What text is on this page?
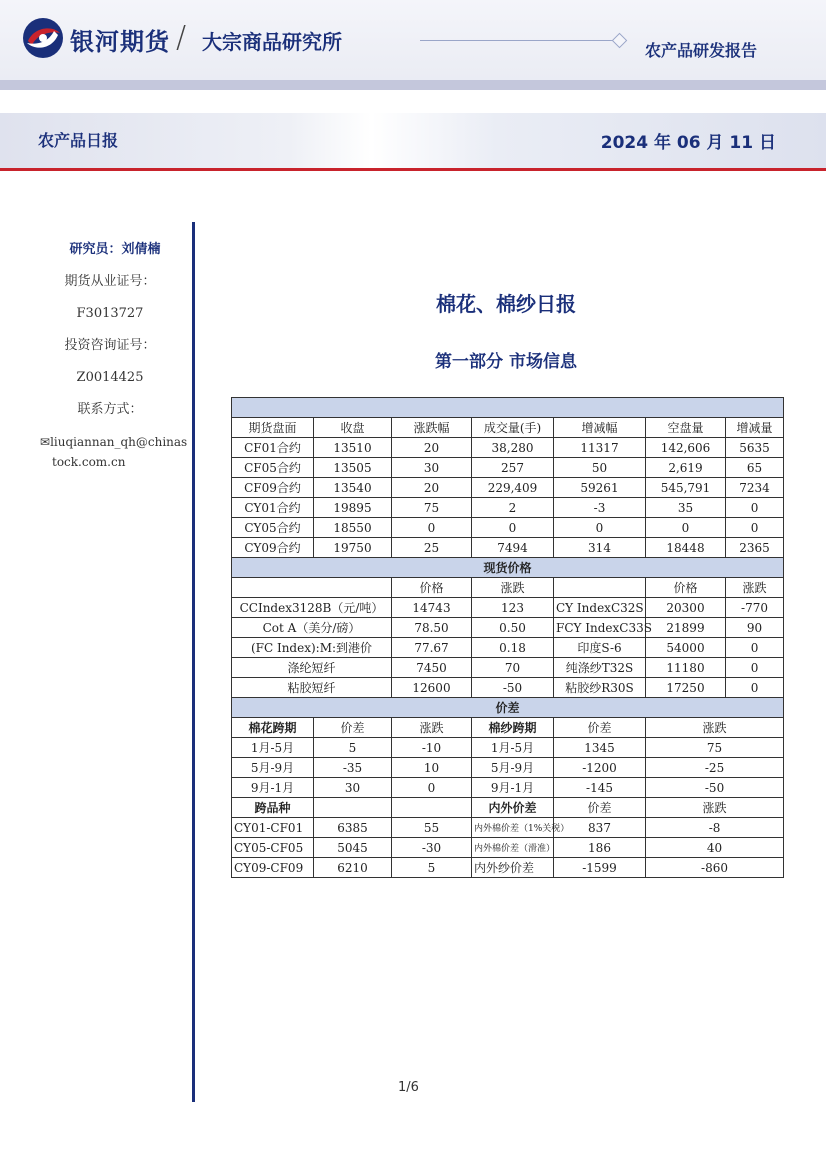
银河期货 / 大宗商品研究所	农产品研发报告
农产品日报	2024 年 06 月 11 日
研究员：刘倩楠
期货从业证号：
F3013727
投资咨询证号：
Z0014425
联系方式：
✉liuqiannan_qh@chinas
tock.com.cn
棉花、棉纱日报
第一部分 市场信息

期货盘面	收盘	涨跌幅	成交量(手)	增减幅	空盘量	增减量
CF01合约	13510	20	38,280	11317	142,606	5635
CF05合约	13505	30	257	50	2,619	65
CF09合约	13540	20	229,409	59261	545,791	7234
CY01合约	19895	75	2	-3	35	0
CY05合约	18550	0	0	0	0	0
CY09合约	19750	25	7494	314	18448	2365
现货价格						
		价格	涨跌		价格	涨跌
CCIndex3128B（元/吨）		14743	123	CY IndexC32S	20300	-770
Cot A（美分/磅）		78.50	0.50	FCY IndexC33S	21899	90
(FC Index):M:到港价		77.67	0.18	印度S-6	54000	0
涤纶短纤		7450	70	纯涤纱T32S	11180	0
粘胶短纤		12600	-50	粘胶纱R30S	17250	0
价差						
棉花跨期	价差	涨跌	棉纱跨期	价差	涨跌	
1月-5月	5	-10	1月-5月	1345	75	
5月-9月	-35	10	5月-9月	-1200	-25	
9月-1月	30	0	9月-1月	-145	-50	
跨品种			内外价差	价差	涨跌	
CY01-CF01	6385	55	内外棉价差（1%关税）	837	-8	
CY05-CF05	5045	-30	内外棉价差（滑准）	186	40	
CY09-CF09	6210	5	内外纱价差	-1599	-860	
1/6
